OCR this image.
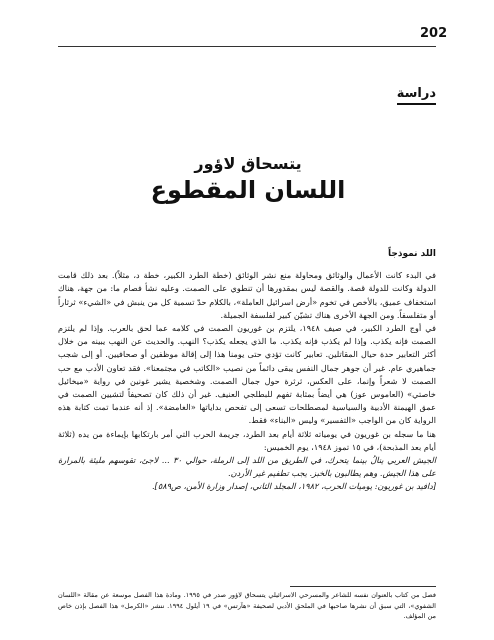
202
دراسة
يتسحاق لاؤور
اللسان المقطوع
اللد نموذجاً

في البدء كانت الأعمال والوثائق ومحاولة منع نشر الوثائق (خطة الطرد الكبير، خطة د، مثلاً). بعد ذلك قامت الدولة وكانت للدولة قصة. والقصة ليس بمقدورها أن تنطوي على الصمت. وعليه نشأ فصام ما: من جهة، هناك استخفاف عميق، بالأخص في تخوم «أرض اسرائيل العاملة»، بالكلام حدّ تسمية كل من ينبش في «الشيء» ثرثاراً أو متفلسفاً. ومن الجهة الأخرى هناك تشيّن كبير لفلسفة الجميلة.

في أوج الطرد الكبير، في صيف ١٩٤٨، يلتزم بن غوريون الصمت في كلامه عما لحق بالعرب. وإذا لم يلتزم الصمت فإنه يكذب. وإذا لم يكذب فإنه يكذب. ما الذي يجعله يكذب؟ النهب. والحديث عن النهب يبينه من خلال أكثر التعابير حدة حيال المقاتلين. تعابير كانت تؤدي حتى يومنا هذا إلى إقالة موظفين أو صحافيين. أو إلى شجب جماهيري عام. غير أن جوهر جمال النفس يبقى دائماً من نصيب «الكاتب في مجتمعنا». فقد تعاون الأدب مع حب الصمت لا شعراً وإنما، على العكس، ثرثرة حول جمال الصمت. وشخصية يشير غونين في رواية «ميخائيل خاصتي» (العاموس عوز) هي أيضاً بمثابة تفهم للبطلجي العنيف. غير أن ذلك كان تصحيفاً لتشيين الصمت في عمق الهيمنة الأدبية والسياسية لمصطلحات تسعى إلى تفحص بداياتها «الغامضة». إذ أنه عندما تمت كتابة هذه الرواية كان من الواجب «التفسير» وليس «البناء» فقط.

هنا ما سجله بن غوريون في يومياته ثلاثة أيام بعد الطرد، جريمة الحرب التي أمر بارتكابها بإيماءة من يده (ثلاثة أيام بعد المذبحة)، في ١٥ تموز ١٩٤٨، يوم الخميس:

الجيش العربي ينالُ بينما يتحرك، في الطريق من اللد إلى الرملة، حوالي ٣٠ ... لاجئ، تقوسهم مليئة بالمرارة على هذا الجيش. وهم يطالبون بالخبز. يجب تطفيم غير الأردن.

[دافيد بن غوريون: يوميات الحرب، ١٩٨٢، المجلد الثاني، إصدار وزارة الأمن، ص٥٨٩].

فصل من كتاب بالعنوان نفسه للشاعر والمسرحي الاسرائيلي يتسحاق لاؤور صدر في ١٩٩٥. ومادة هذا الفصل موسعة عن مقالة «اللسان الشفوي»، التي سبق أن نشرها صاحبها في الملحق الأدبي لصحيفة «هآرتس» في ١٩ أيلول ١٩٩٤. ننشر «الكرمل» هذا الفصل بإذن خاص من المؤلف.
